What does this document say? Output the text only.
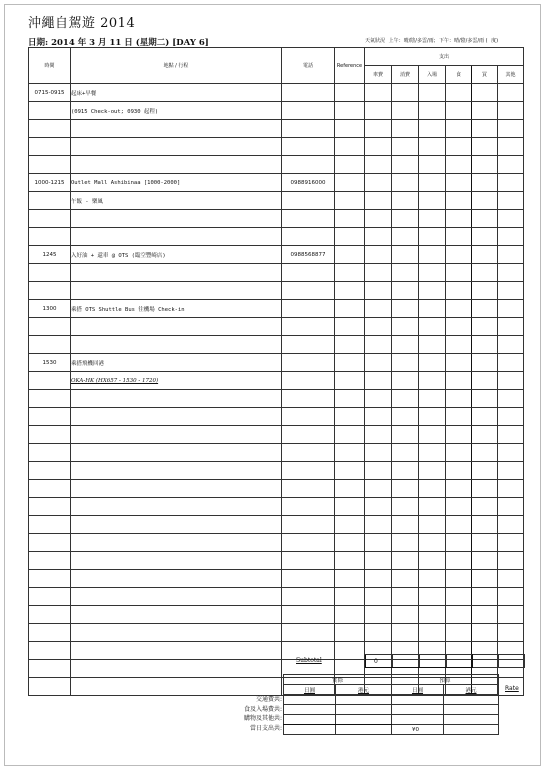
沖繩自駕遊 2014
日期: 2014 年 3 月 11 日 (星期二) [DAY 6]	天氣狀況 上午：晴/陰/多雲/雨; 下午：晴/陰/多雲/雨 ( 度)
時間	地點 / 行程	電話	Reference	支出					
				車費	消費	入場	食	買	其他
0715-0915	起床+早餐								
	(0915 Check-out; 0930 起程)								

1000-1215	Outlet Mall Ashibinaa [1000-2000]	0988916000							
	午飯 - 樂風								

1245	入好油 + 還車 @ OTS (臨空豐崎店)	0988568877							

1300	乘搭 OTS Shuttle Bus 往機場 Check-in								

1530	乘搭飛機回港								
	OKA-HK (HX657 - 1530 - 1720)								

Subtotal	0					
交通費共:
食及入場費共:
購物及其他共:
當日支出共:
實際		預算	
日圓	港元	日圓	港元

		¥0	
Rate
